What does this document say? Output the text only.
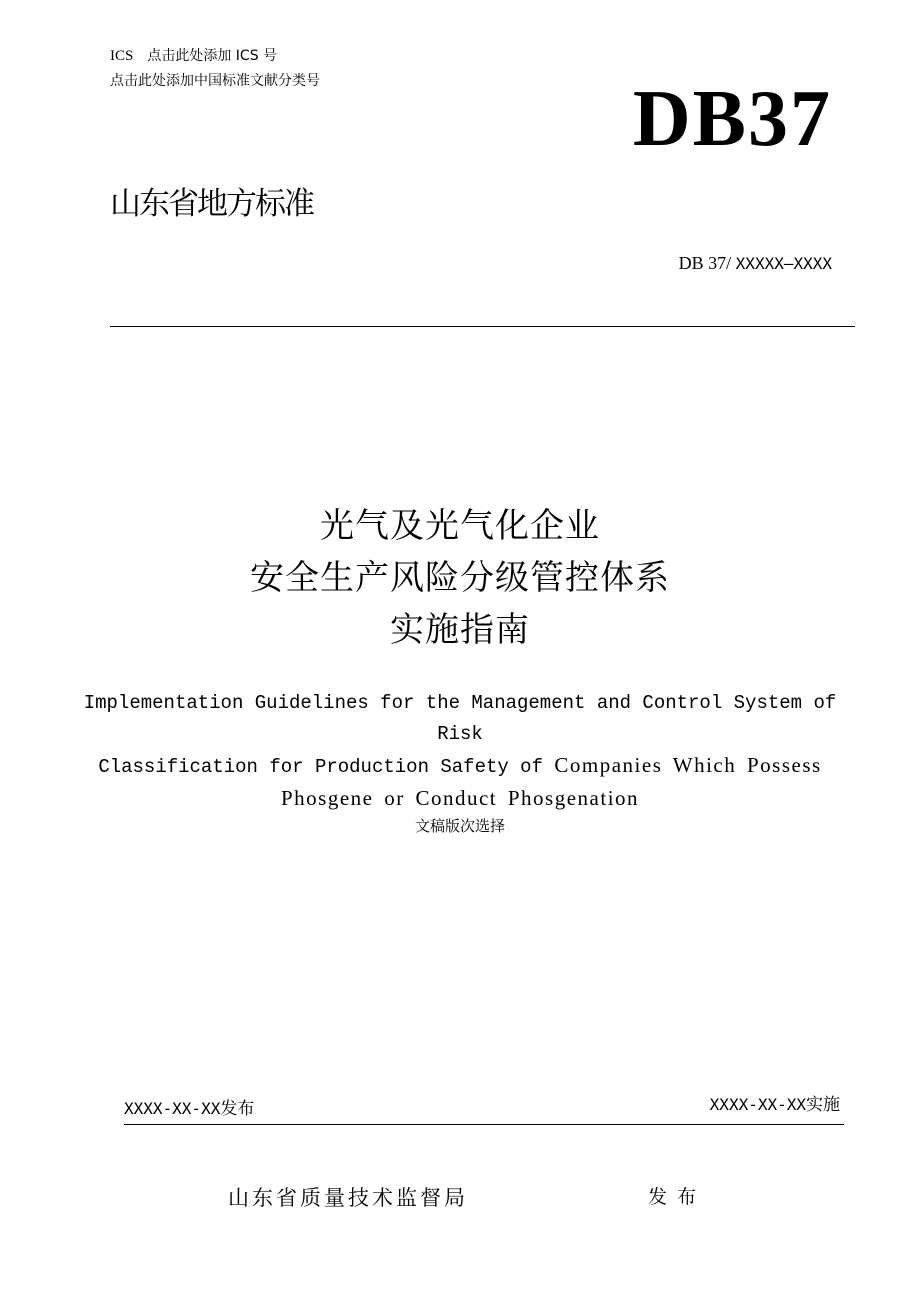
ICS 点击此处添加 ICS 号
点击此处添加中国标准文献分类号	DB37
山东省地方标准
DB 37/ XXXXX—XXXX
光气及光气化企业
安全生产风险分级管控体系
实施指南
Implementation Guidelines for the Management and Control System of Risk
Classification for Production Safety of Companies Which Possess
Phosgene or Conduct Phosgenation
文稿版次选择
XXXX-XX-XX发布	XXXX-XX-XX实施
山东省质量技术监督局	发布
